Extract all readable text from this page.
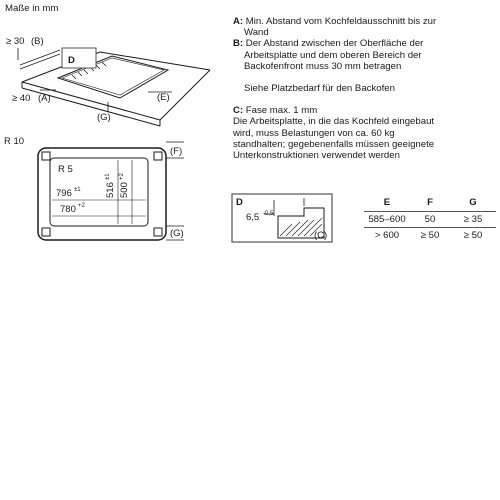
Maße in mm
D
≥ 30 (B)
≥ 40 (A)	(E)
(G)
R 10
R 5
516
±1
500
+2
796 ±1
780 +2
(F)
(G)
D
6,5 -0,5
(C)
A: Min. Abstand vom Kochfeldausschnitt bis zur
Wand
B: Der Abstand zwischen der Oberfläche der
Arbeitsplatte und dem oberen Bereich der
Backofenfront muss 30 mm betragen
Siehe Platzbedarf für den Backofen
C: Fase max. 1 mm
Die Arbeitsplatte, in die das Kochfeld eingebaut
wird, muss Belastungen von ca. 60 kg
standhalten; gegebenenfalls müssen geeignete
Unterkonstruktionen verwendet werden
E	F	G
585–600	50	≥ 35
> 600	≥ 50	≥ 50
